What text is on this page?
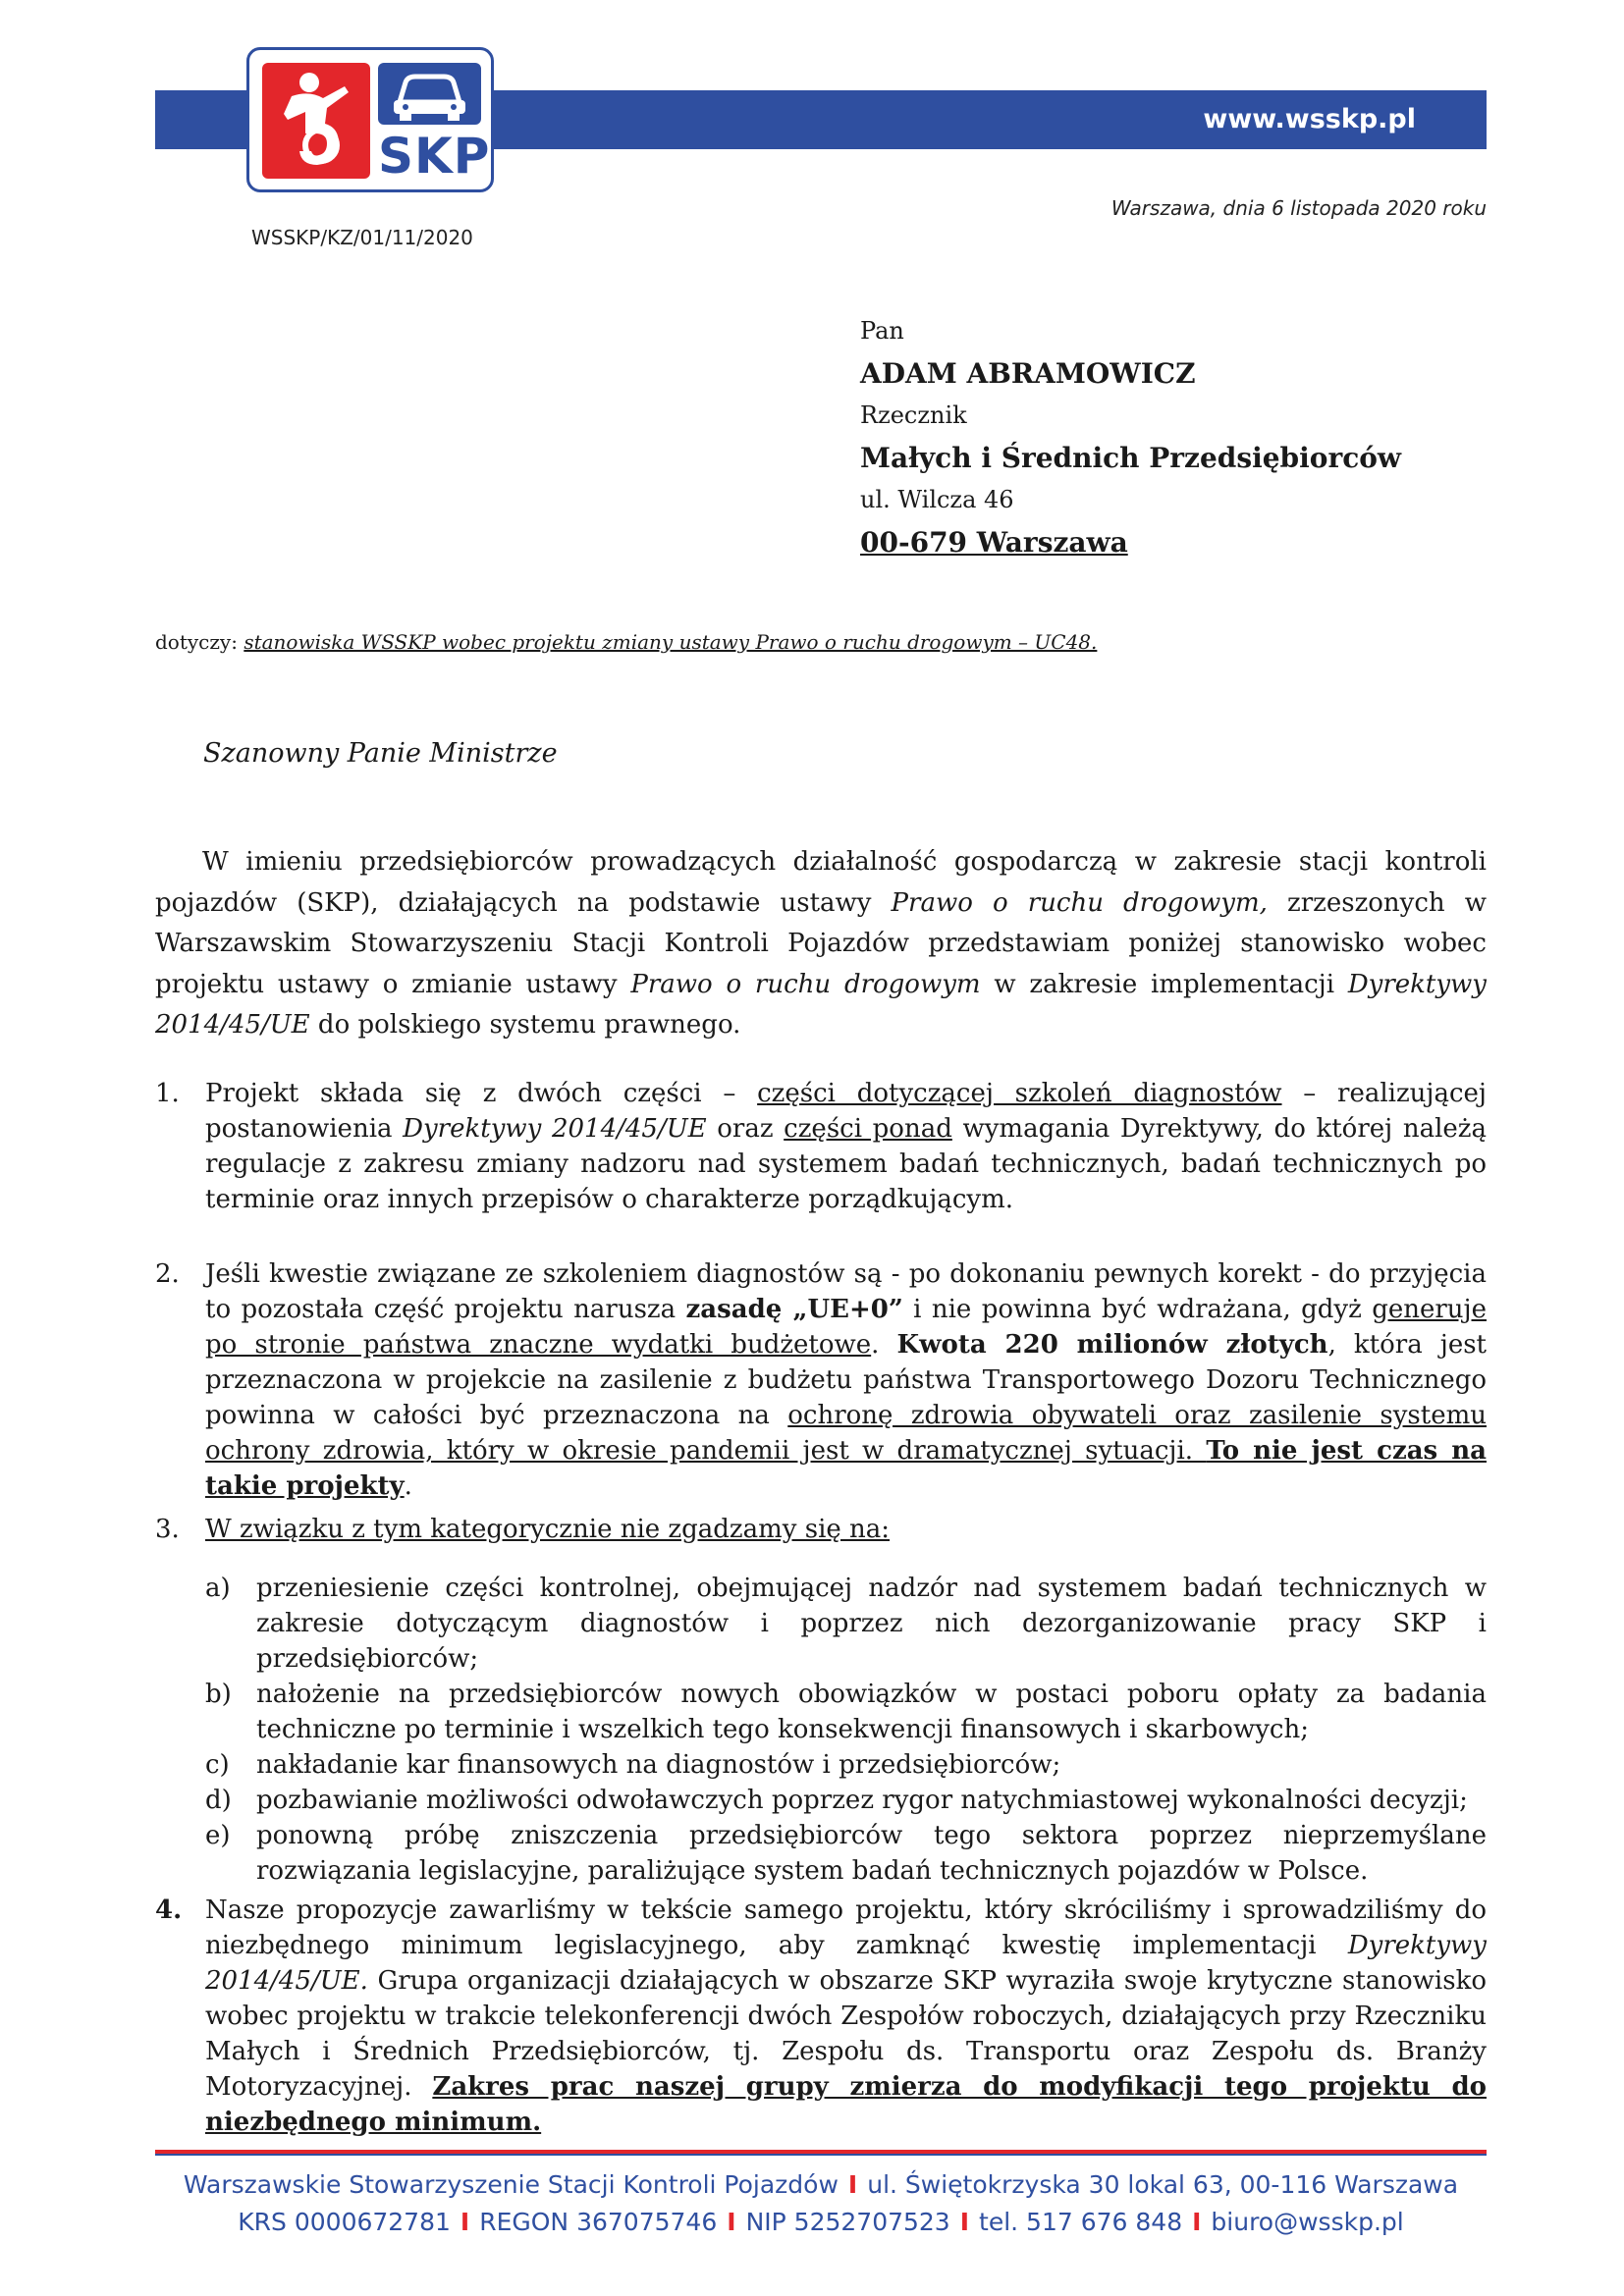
www.wsskp.pl
SKP
WSSKP/KZ/01/11/2020
Warszawa, dnia 6 listopada 2020 roku
Pan
ADAM ABRAMOWICZ
Rzecznik
Małych i Średnich Przedsiębiorców
ul. Wilcza 46
00-679 Warszawa
dotyczy: stanowiska WSSKP wobec projektu zmiany ustawy Prawo o ruchu drogowym – UC48.
Szanowny Panie Ministrze

W imieniu przedsiębiorców prowadzących działalność gospodarczą w zakresie stacji kontroli pojazdów (SKP), działających na podstawie ustawy Prawo o ruchu drogowym, zrzeszonych w Warszawskim Stowarzyszeniu Stacji Kontroli Pojazdów przedstawiam poniżej stanowisko wobec projektu ustawy o zmianie ustawy Prawo o ruchu drogowym w zakresie implementacji Dyrektywy 2014/45/UE do polskiego systemu prawnego.

1. Projekt składa się z dwóch części – części dotyczącej szkoleń diagnostów – realizującej postanowienia Dyrektywy 2014/45/UE oraz części ponad wymagania Dyrektywy, do której należą regulacje z zakresu zmiany nadzoru nad systemem badań technicznych, badań technicznych po terminie oraz innych przepisów o charakterze porządkującym.
2. Jeśli kwestie związane ze szkoleniem diagnostów są - po dokonaniu pewnych korekt - do przyjęcia to pozostała część projektu narusza zasadę „UE+0” i nie powinna być wdrażana, gdyż generuje po stronie państwa znaczne wydatki budżetowe. Kwota 220 milionów złotych, która jest przeznaczona w projekcie na zasilenie z budżetu państwa Transportowego Dozoru Technicznego powinna w całości być przeznaczona na ochronę zdrowia obywateli oraz zasilenie systemu ochrony zdrowia, który w okresie pandemii jest w dramatycznej sytuacji. To nie jest czas na takie projekty.
3. W związku z tym kategorycznie nie zgadzamy się na:
a) przeniesienie części kontrolnej, obejmującej nadzór nad systemem badań technicznych w zakresie dotyczącym diagnostów i poprzez nich dezorganizowanie pracy SKP i przedsiębiorców;
b) nałożenie na przedsiębiorców nowych obowiązków w postaci poboru opłaty za badania techniczne po terminie i wszelkich tego konsekwencji finansowych i skarbowych;
c) nakładanie kar finansowych na diagnostów i przedsiębiorców;
d) pozbawianie możliwości odwoławczych poprzez rygor natychmiastowej wykonalności decyzji;
e) ponowną próbę zniszczenia przedsiębiorców tego sektora poprzez nieprzemyślane rozwiązania legislacyjne, paraliżujące system badań technicznych pojazdów w Polsce.
4. Nasze propozycje zawarliśmy w tekście samego projektu, który skróciliśmy i sprowadziliśmy do niezbędnego minimum legislacyjnego, aby zamknąć kwestię implementacji Dyrektywy 2014/45/UE. Grupa organizacji działających w obszarze SKP wyraziła swoje krytyczne stanowisko wobec projektu w trakcie telekonferencji dwóch Zespołów roboczych, działających przy Rzeczniku Małych i Średnich Przedsiębiorców, tj. Zespołu ds. Transportu oraz Zespołu ds. Branży Motoryzacyjnej. Zakres prac naszej grupy zmierza do modyfikacji tego projektu do niezbędnego minimum.
Warszawskie Stowarzyszenie Stacji Kontroli Pojazdów I ul. Świętokrzyska 30 lokal 63, 00-116 Warszawa
KRS 0000672781 I REGON 367075746 I NIP 5252707523 I tel. 517 676 848 I biuro@wsskp.pl
